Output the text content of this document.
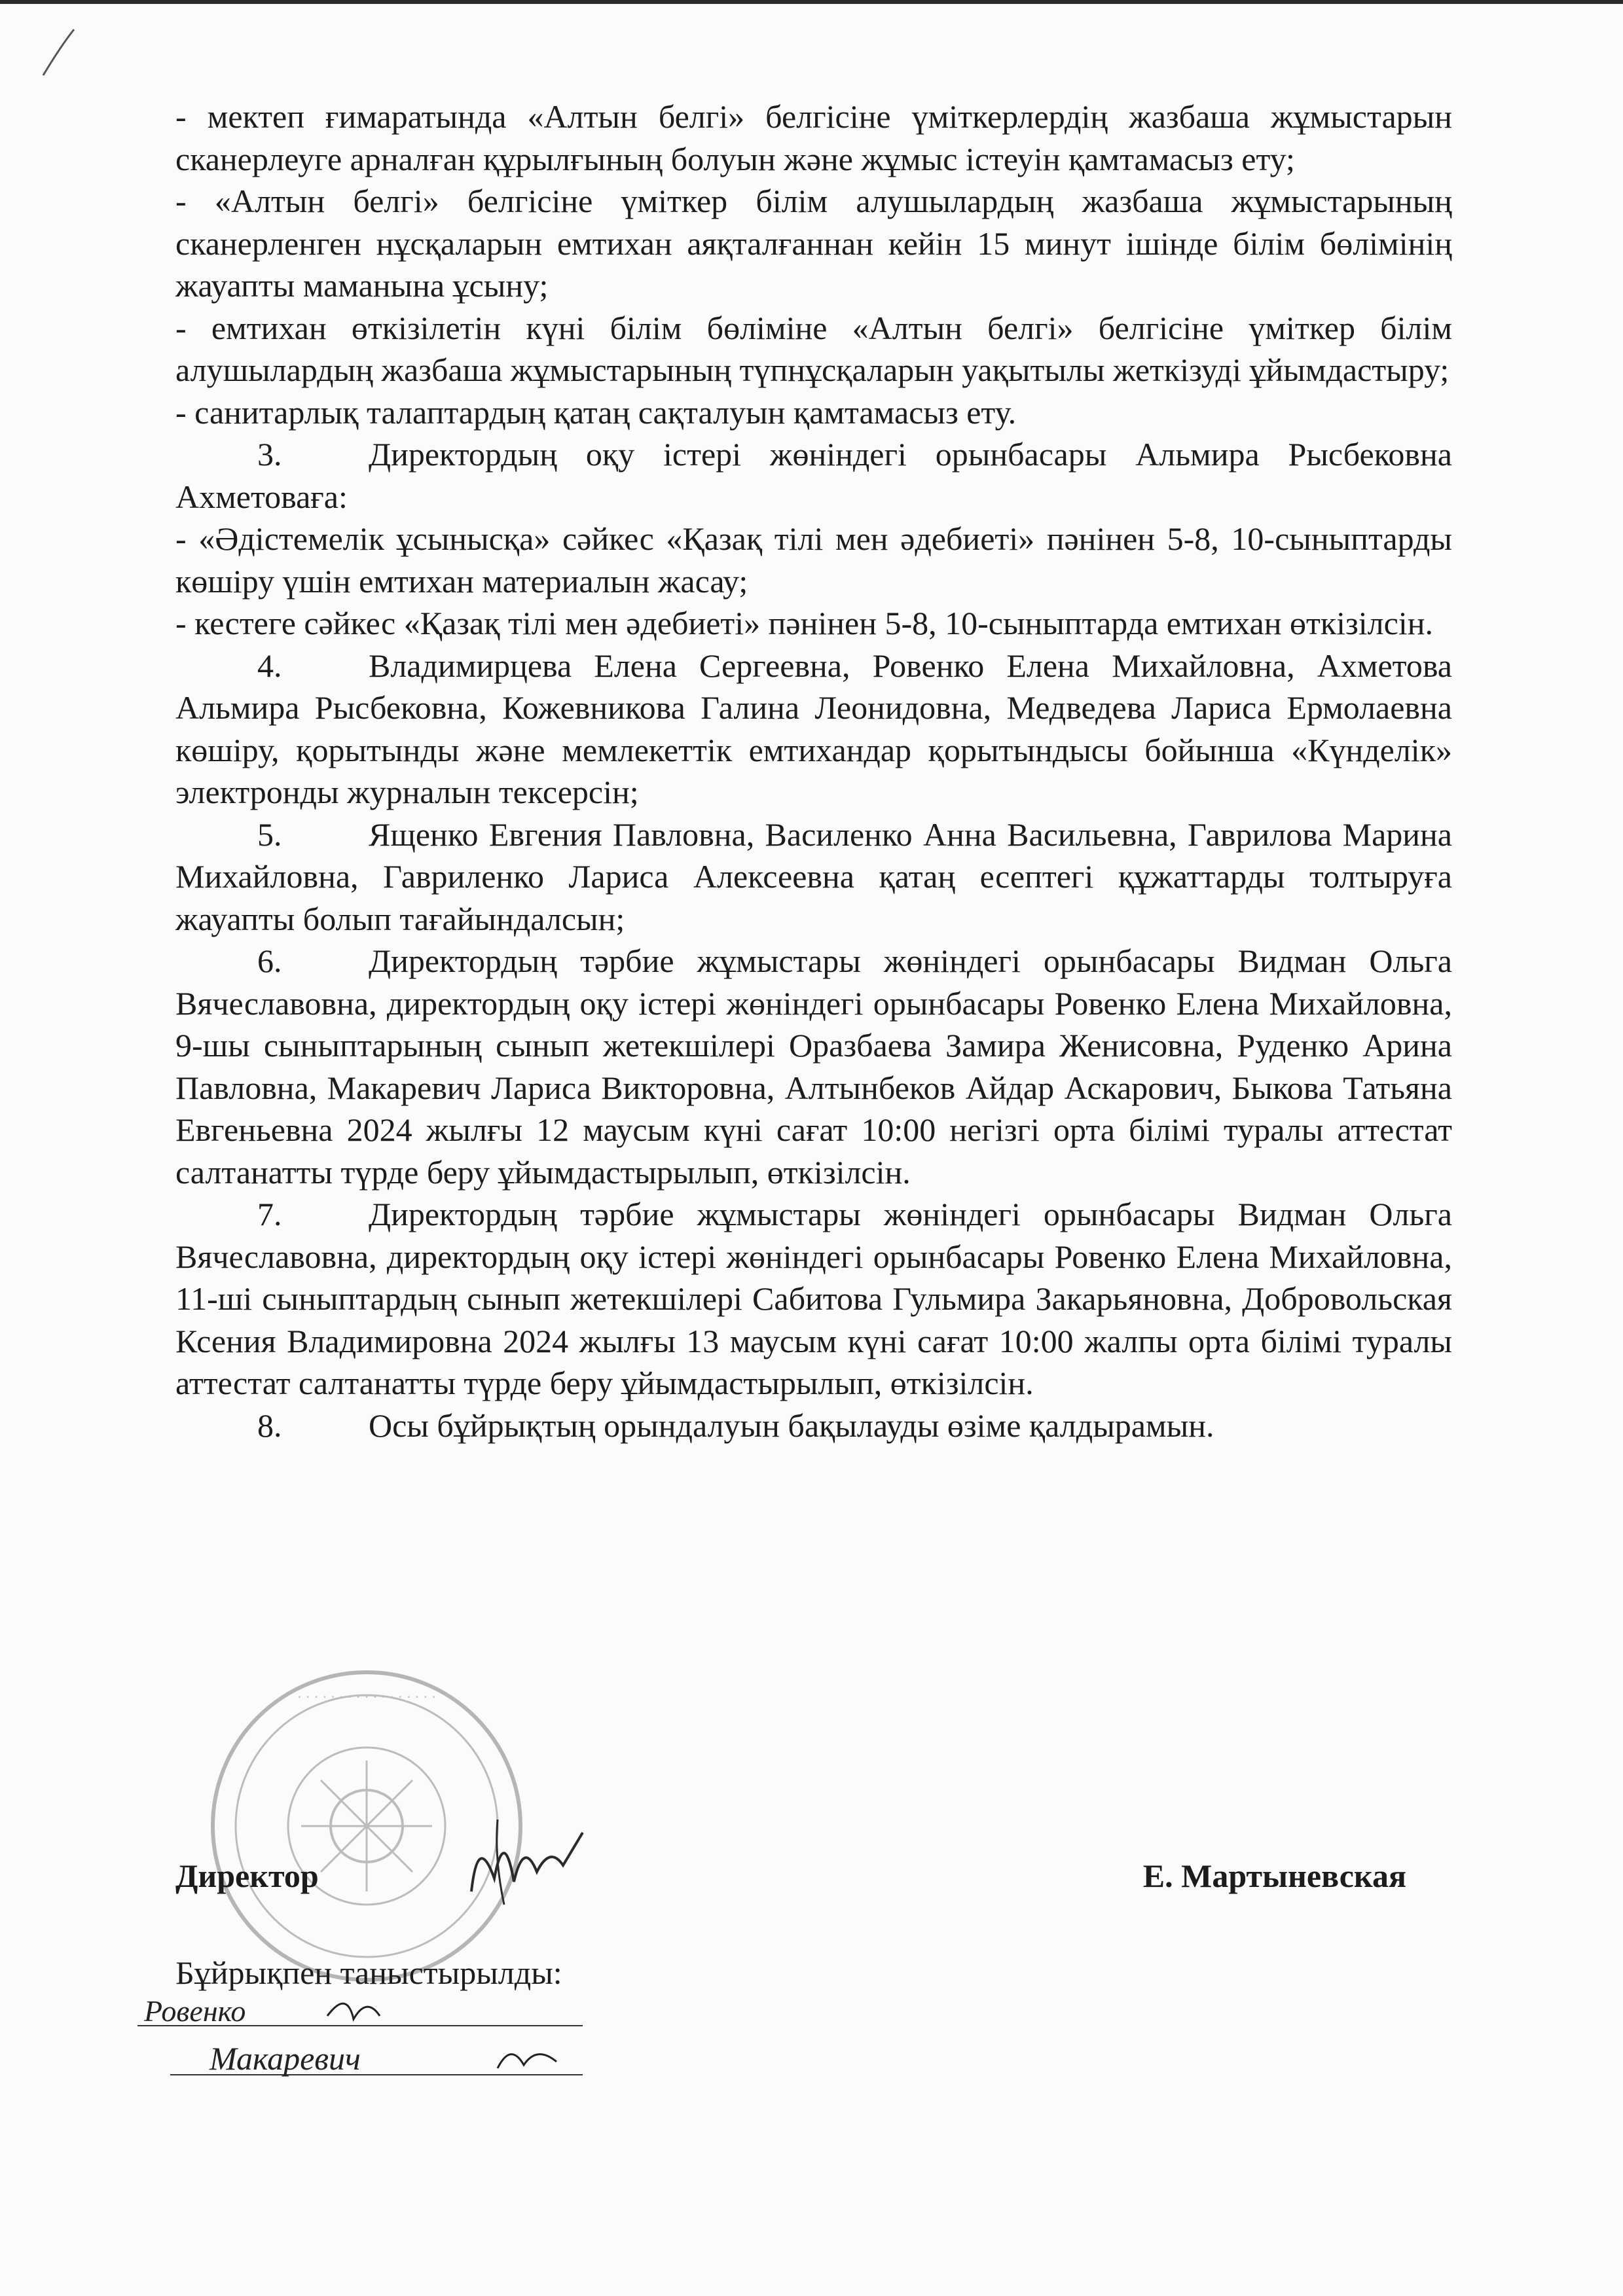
- мектеп ғимаратында «Алтын белгі» белгісіне үміткерлердің жазбаша жұмыстарын сканерлеуге арналған құрылғының болуын және жұмыс істеуін қамтамасыз ету;

- «Алтын белгі» белгісіне үміткер білім алушылардың жазбаша жұмыстарының сканерленген нұсқаларын емтихан аяқталғаннан кейін 15 минут ішінде білім бөлімінің жауапты маманына ұсыну;

- емтихан өткізілетін күні білім бөліміне «Алтын белгі» белгісіне үміткер білім алушылардың жазбаша жұмыстарының түпнұсқаларын уақытылы жеткізуді ұйымдастыру;

- санитарлық талаптардың қатаң сақталуын қамтамасыз ету.

3.	Директордың оқу істері жөніндегі орынбасары Альмира Рысбековна Ахметоваға:

- «Әдістемелік ұсынысқа» сәйкес «Қазақ тілі мен әдебиеті» пәнінен 5-8, 10-сыныптарды көшіру үшін емтихан материалын жасау;

- кестеге сәйкес «Қазақ тілі мен әдебиеті» пәнінен 5-8, 10-сыныптарда емтихан өткізілсін.

4.	Владимирцева Елена Сергеевна, Ровенко Елена Михайловна, Ахметова Альмира Рысбековна, Кожевникова Галина Леонидовна, Медведева Лариса Ермолаевна көшіру, қорытынды және мемлекеттік емтихандар қорытындысы бойынша «Күнделік» электронды журналын тексерсін;

5.	Ященко Евгения Павловна, Василенко Анна Васильевна, Гаврилова Марина Михайловна, Гавриленко Лариса Алексеевна қатаң есептегі құжаттарды толтыруға жауапты болып тағайындалсын;

6.	Директордың тәрбие жұмыстары жөніндегі орынбасары Видман Ольга Вячеславовна, директордың оқу істері жөніндегі орынбасары Ровенко Елена Михайловна, 9-шы сыныптарының сынып жетекшілері Оразбаева Замира Женисовна, Руденко Арина Павловна, Макаревич Лариса Викторовна, Алтынбеков Айдар Аскарович, Быкова Татьяна Евгеньевна 2024 жылғы 12 маусым күні сағат 10:00 негізгі орта білімі туралы аттестат салтанатты түрде беру ұйымдастырылып, өткізілсін.

7.	Директордың тәрбие жұмыстары жөніндегі орынбасары Видман Ольга Вячеславовна, директордың оқу істері жөніндегі орынбасары Ровенко Елена Михайловна, 11-ші сыныптардың сынып жетекшілері Сабитова Гульмира Закарьяновна, Добровольская Ксения Владимировна 2024 жылғы 13 маусым күні сағат 10:00 жалпы орта білімі туралы аттестат салтанатты түрде беру ұйымдастырылып, өткізілсін.

8.	Осы бұйрықтың орындалуын бақылауды өзіме қалдырамын.

· · · · · · · · · · · · · · · · ·
Директор	Е. Мартыневская
Бұйрықпен таныстырылды:
Ровенко
Макаревич
